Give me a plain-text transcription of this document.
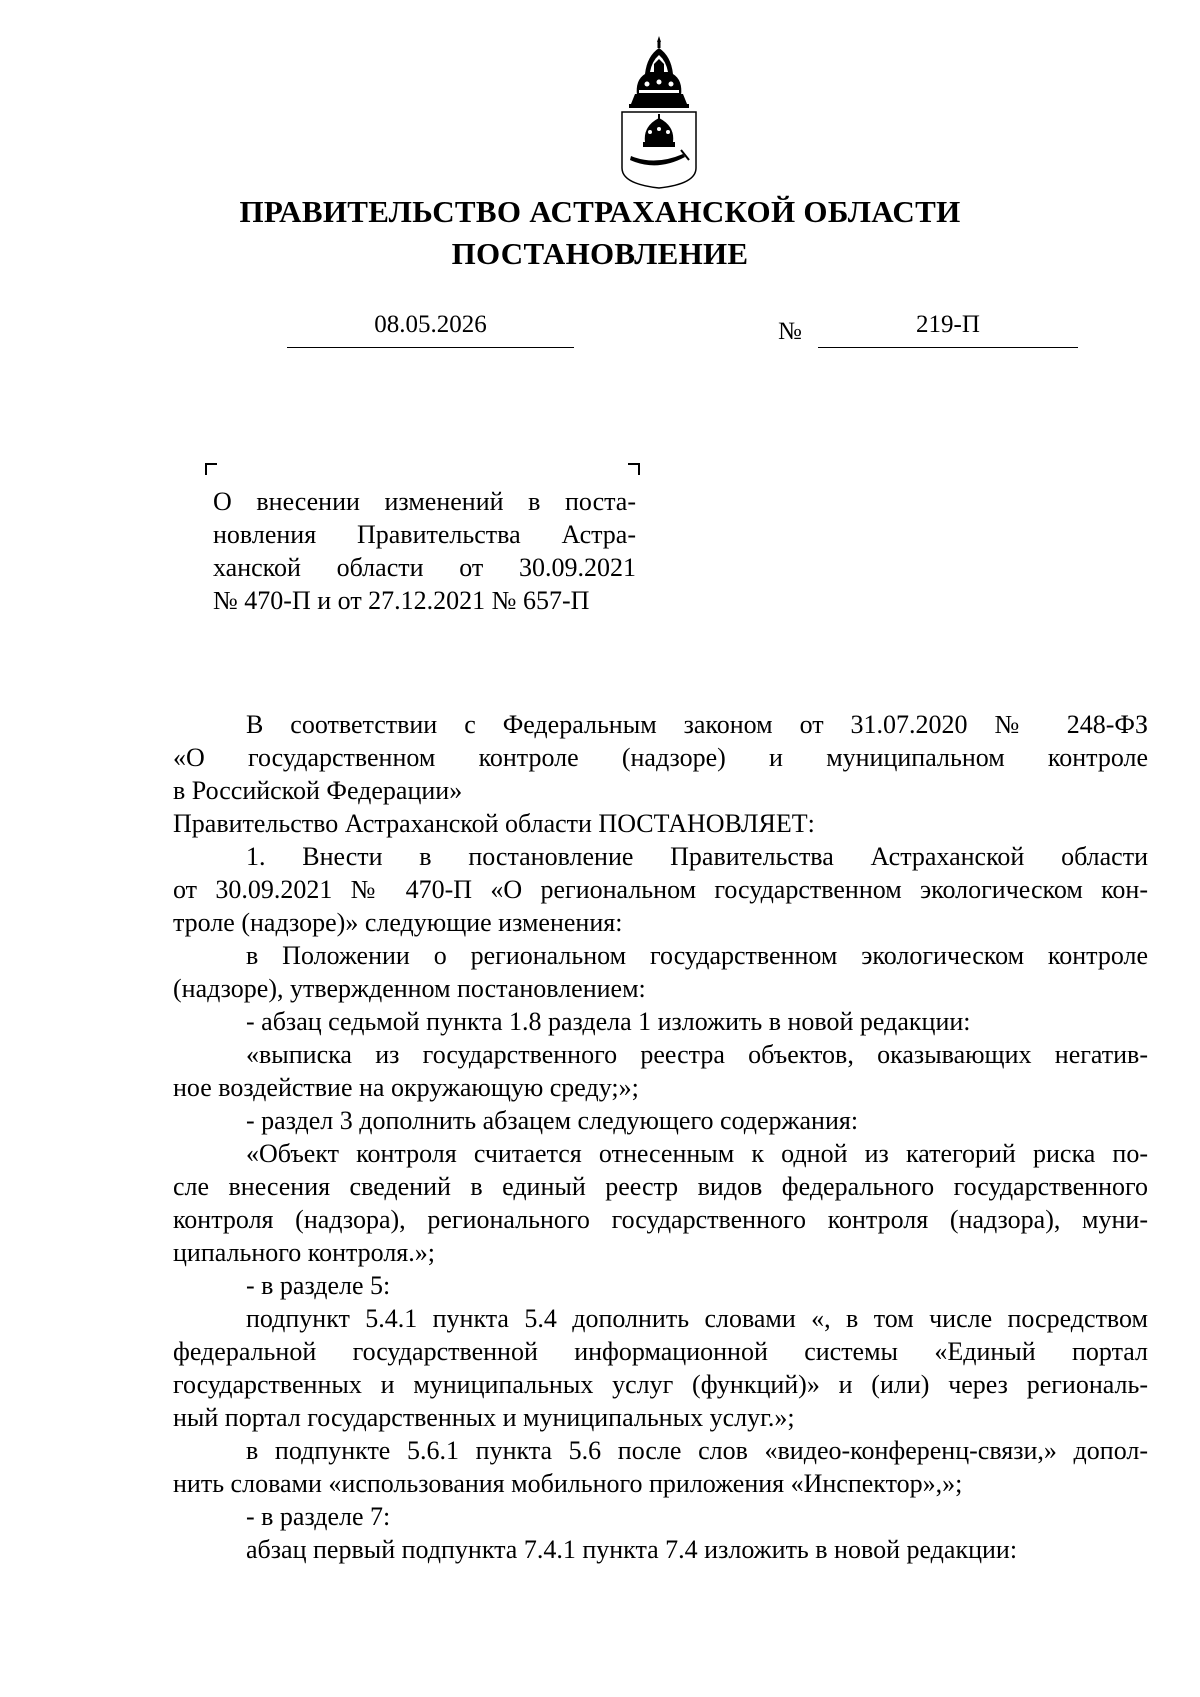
ПРАВИТЕЛЬСТВО АСТРАХАНСКОЙ ОБЛАСТИ
ПОСТАНОВЛЕНИЕ
08.05.2026	№	219-П
О внесении изменений в поста-
новления Правительства Астра-
ханской области от 30.09.2021
№ 470-П и от 27.12.2021 № 657-П
В соответствии с Федеральным законом от 31.07.2020 № 248-ФЗ
«О государственном контроле (надзоре) и муниципальном контроле
в Российской Федерации»
Правительство Астраханской области ПОСТАНОВЛЯЕТ:
1. Внести в постановление Правительства Астраханской области
от 30.09.2021 № 470-П «О региональном государственном экологическом кон-
троле (надзоре)» следующие изменения:
в Положении о региональном государственном экологическом контроле
(надзоре), утвержденном постановлением:
- абзац седьмой пункта 1.8 раздела 1 изложить в новой редакции:
«выписка из государственного реестра объектов, оказывающих негатив-
ное воздействие на окружающую среду;»;
- раздел 3 дополнить абзацем следующего содержания:
«Объект контроля считается отнесенным к одной из категорий риска по-
сле внесения сведений в единый реестр видов федерального государственного
контроля (надзора), регионального государственного контроля (надзора), муни-
ципального контроля.»;
- в разделе 5:
подпункт 5.4.1 пункта 5.4 дополнить словами «, в том числе посредством
федеральной государственной информационной системы «Единый портал
государственных и муниципальных услуг (функций)» и (или) через региональ-
ный портал государственных и муниципальных услуг.»;
в подпункте 5.6.1 пункта 5.6 после слов «видео-конференц-связи,» допол-
нить словами «использования мобильного приложения «Инспектор»,»;
- в разделе 7:
абзац первый подпункта 7.4.1 пункта 7.4 изложить в новой редакции:
